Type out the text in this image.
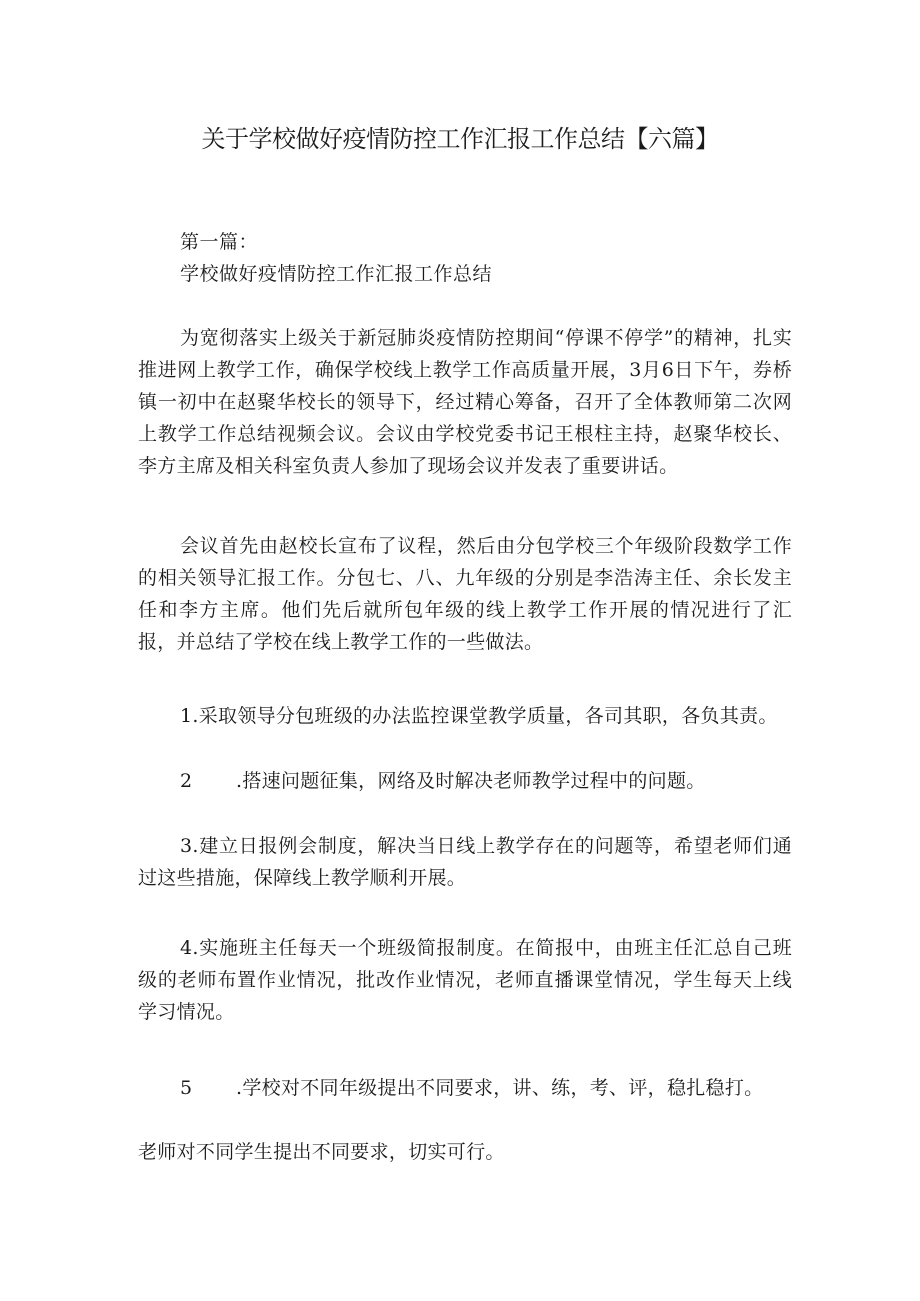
关于学校做好疫情防控工作汇报工作总结【六篇】

第一篇：

学校做好疫情防控工作汇报工作总结

为宽彻落实上级关于新冠肺炎疫情防控期间“停课不停学”的精神，扎实推进网上教学工作，确保学校线上教学工作高质量开展，3月6日下午，券桥镇一初中在赵聚华校长的领导下，经过精心筹备，召开了全体教师第二次网上教学工作总结视频会议。会议由学校党委书记王根柱主持，赵聚华校长、李方主席及相关科室负责人参加了现场会议并发表了重要讲话。

会议首先由赵校长宣布了议程，然后由分包学校三个年级阶段数学工作的相关领导汇报工作。分包七、八、九年级的分别是李浩涛主任、余长发主任和李方主席。他们先后就所包年级的线上教学工作开展的情况进行了汇报，并总结了学校在线上教学工作的一些做法。

1.采取领导分包班级的办法监控课堂教学质量，各司其职，各负其责。

2 .搭速问题征集，网络及时解决老师教学过程中的问题。

3.建立日报例会制度，解决当日线上教学存在的问题等，希望老师们通过这些措施，保障线上教学顺利开展。

4.实施班主任每天一个班级简报制度。在简报中，由班主任汇总自己班级的老师布置作业情况，批改作业情况，老师直播课堂情况，学生每天上线学习情况。

5 .学校对不同年级提出不同要求，讲、练，考、评，稳扎稳打。

老师对不同学生提出不同要求，切实可行。
